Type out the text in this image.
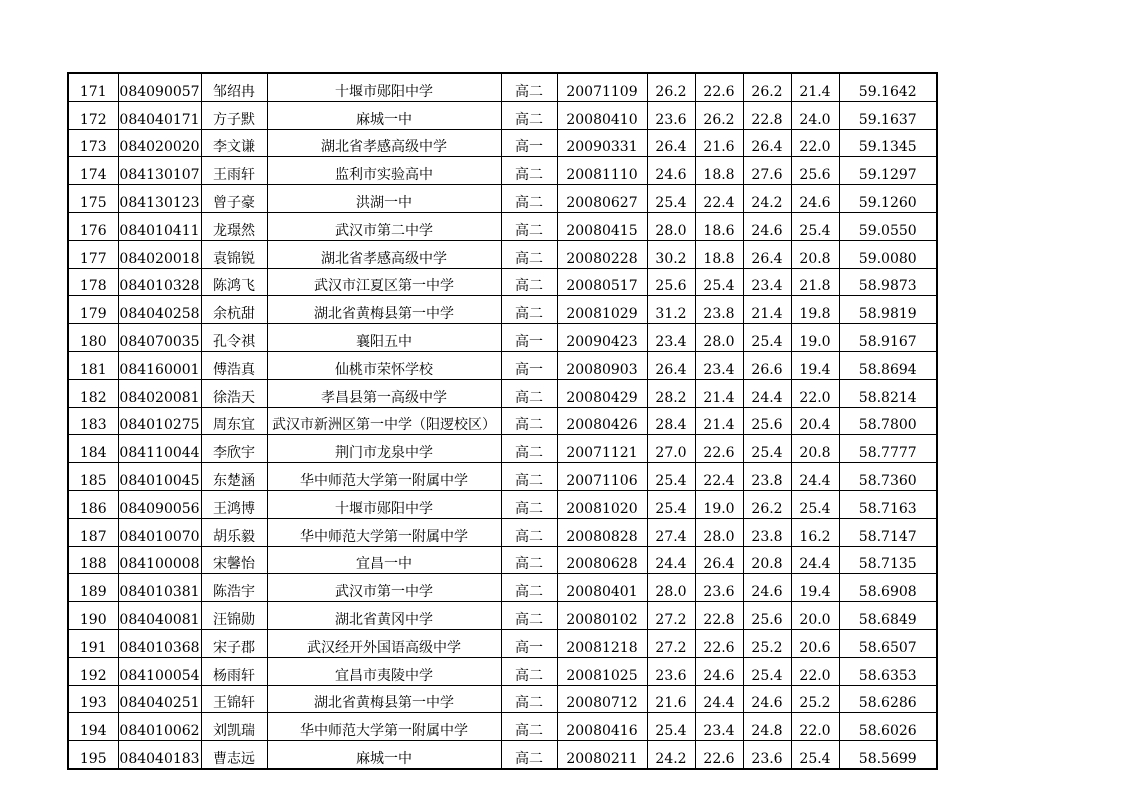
171	084090057	邹绍冉	十堰市郧阳中学	高二	20071109	26.2	22.6	26.2	21.4	59.1642
172	084040171	方子默	麻城一中	高二	20080410	23.6	26.2	22.8	24.0	59.1637
173	084020020	李文谦	湖北省孝感高级中学	高一	20090331	26.4	21.6	26.4	22.0	59.1345
174	084130107	王雨轩	监利市实验高中	高二	20081110	24.6	18.8	27.6	25.6	59.1297
175	084130123	曾子豪	洪湖一中	高二	20080627	25.4	22.4	24.2	24.6	59.1260
176	084010411	龙璟然	武汉市第二中学	高二	20080415	28.0	18.6	24.6	25.4	59.0550
177	084020018	袁锦锐	湖北省孝感高级中学	高二	20080228	30.2	18.8	26.4	20.8	59.0080
178	084010328	陈鸿飞	武汉市江夏区第一中学	高二	20080517	25.6	25.4	23.4	21.8	58.9873
179	084040258	余杭甜	湖北省黄梅县第一中学	高二	20081029	31.2	23.8	21.4	19.8	58.9819
180	084070035	孔令祺	襄阳五中	高一	20090423	23.4	28.0	25.4	19.0	58.9167
181	084160001	傅浩真	仙桃市荣怀学校	高一	20080903	26.4	23.4	26.6	19.4	58.8694
182	084020081	徐浩天	孝昌县第一高级中学	高二	20080429	28.2	21.4	24.4	22.0	58.8214
183	084010275	周东宜	武汉市新洲区第一中学（阳逻校区）	高二	20080426	28.4	21.4	25.6	20.4	58.7800
184	084110044	李欣宇	荆门市龙泉中学	高二	20071121	27.0	22.6	25.4	20.8	58.7777
185	084010045	东楚涵	华中师范大学第一附属中学	高二	20071106	25.4	22.4	23.8	24.4	58.7360
186	084090056	王鸿博	十堰市郧阳中学	高二	20081020	25.4	19.0	26.2	25.4	58.7163
187	084010070	胡乐毅	华中师范大学第一附属中学	高二	20080828	27.4	28.0	23.8	16.2	58.7147
188	084100008	宋馨怡	宜昌一中	高二	20080628	24.4	26.4	20.8	24.4	58.7135
189	084010381	陈浩宇	武汉市第一中学	高二	20080401	28.0	23.6	24.6	19.4	58.6908
190	084040081	汪锦勋	湖北省黄冈中学	高二	20080102	27.2	22.8	25.6	20.0	58.6849
191	084010368	宋子郡	武汉经开外国语高级中学	高一	20081218	27.2	22.6	25.2	20.6	58.6507
192	084100054	杨雨轩	宜昌市夷陵中学	高二	20081025	23.6	24.6	25.4	22.0	58.6353
193	084040251	王锦轩	湖北省黄梅县第一中学	高二	20080712	21.6	24.4	24.6	25.2	58.6286
194	084010062	刘凯瑞	华中师范大学第一附属中学	高二	20080416	25.4	23.4	24.8	22.0	58.6026
195	084040183	曹志远	麻城一中	高二	20080211	24.2	22.6	23.6	25.4	58.5699
